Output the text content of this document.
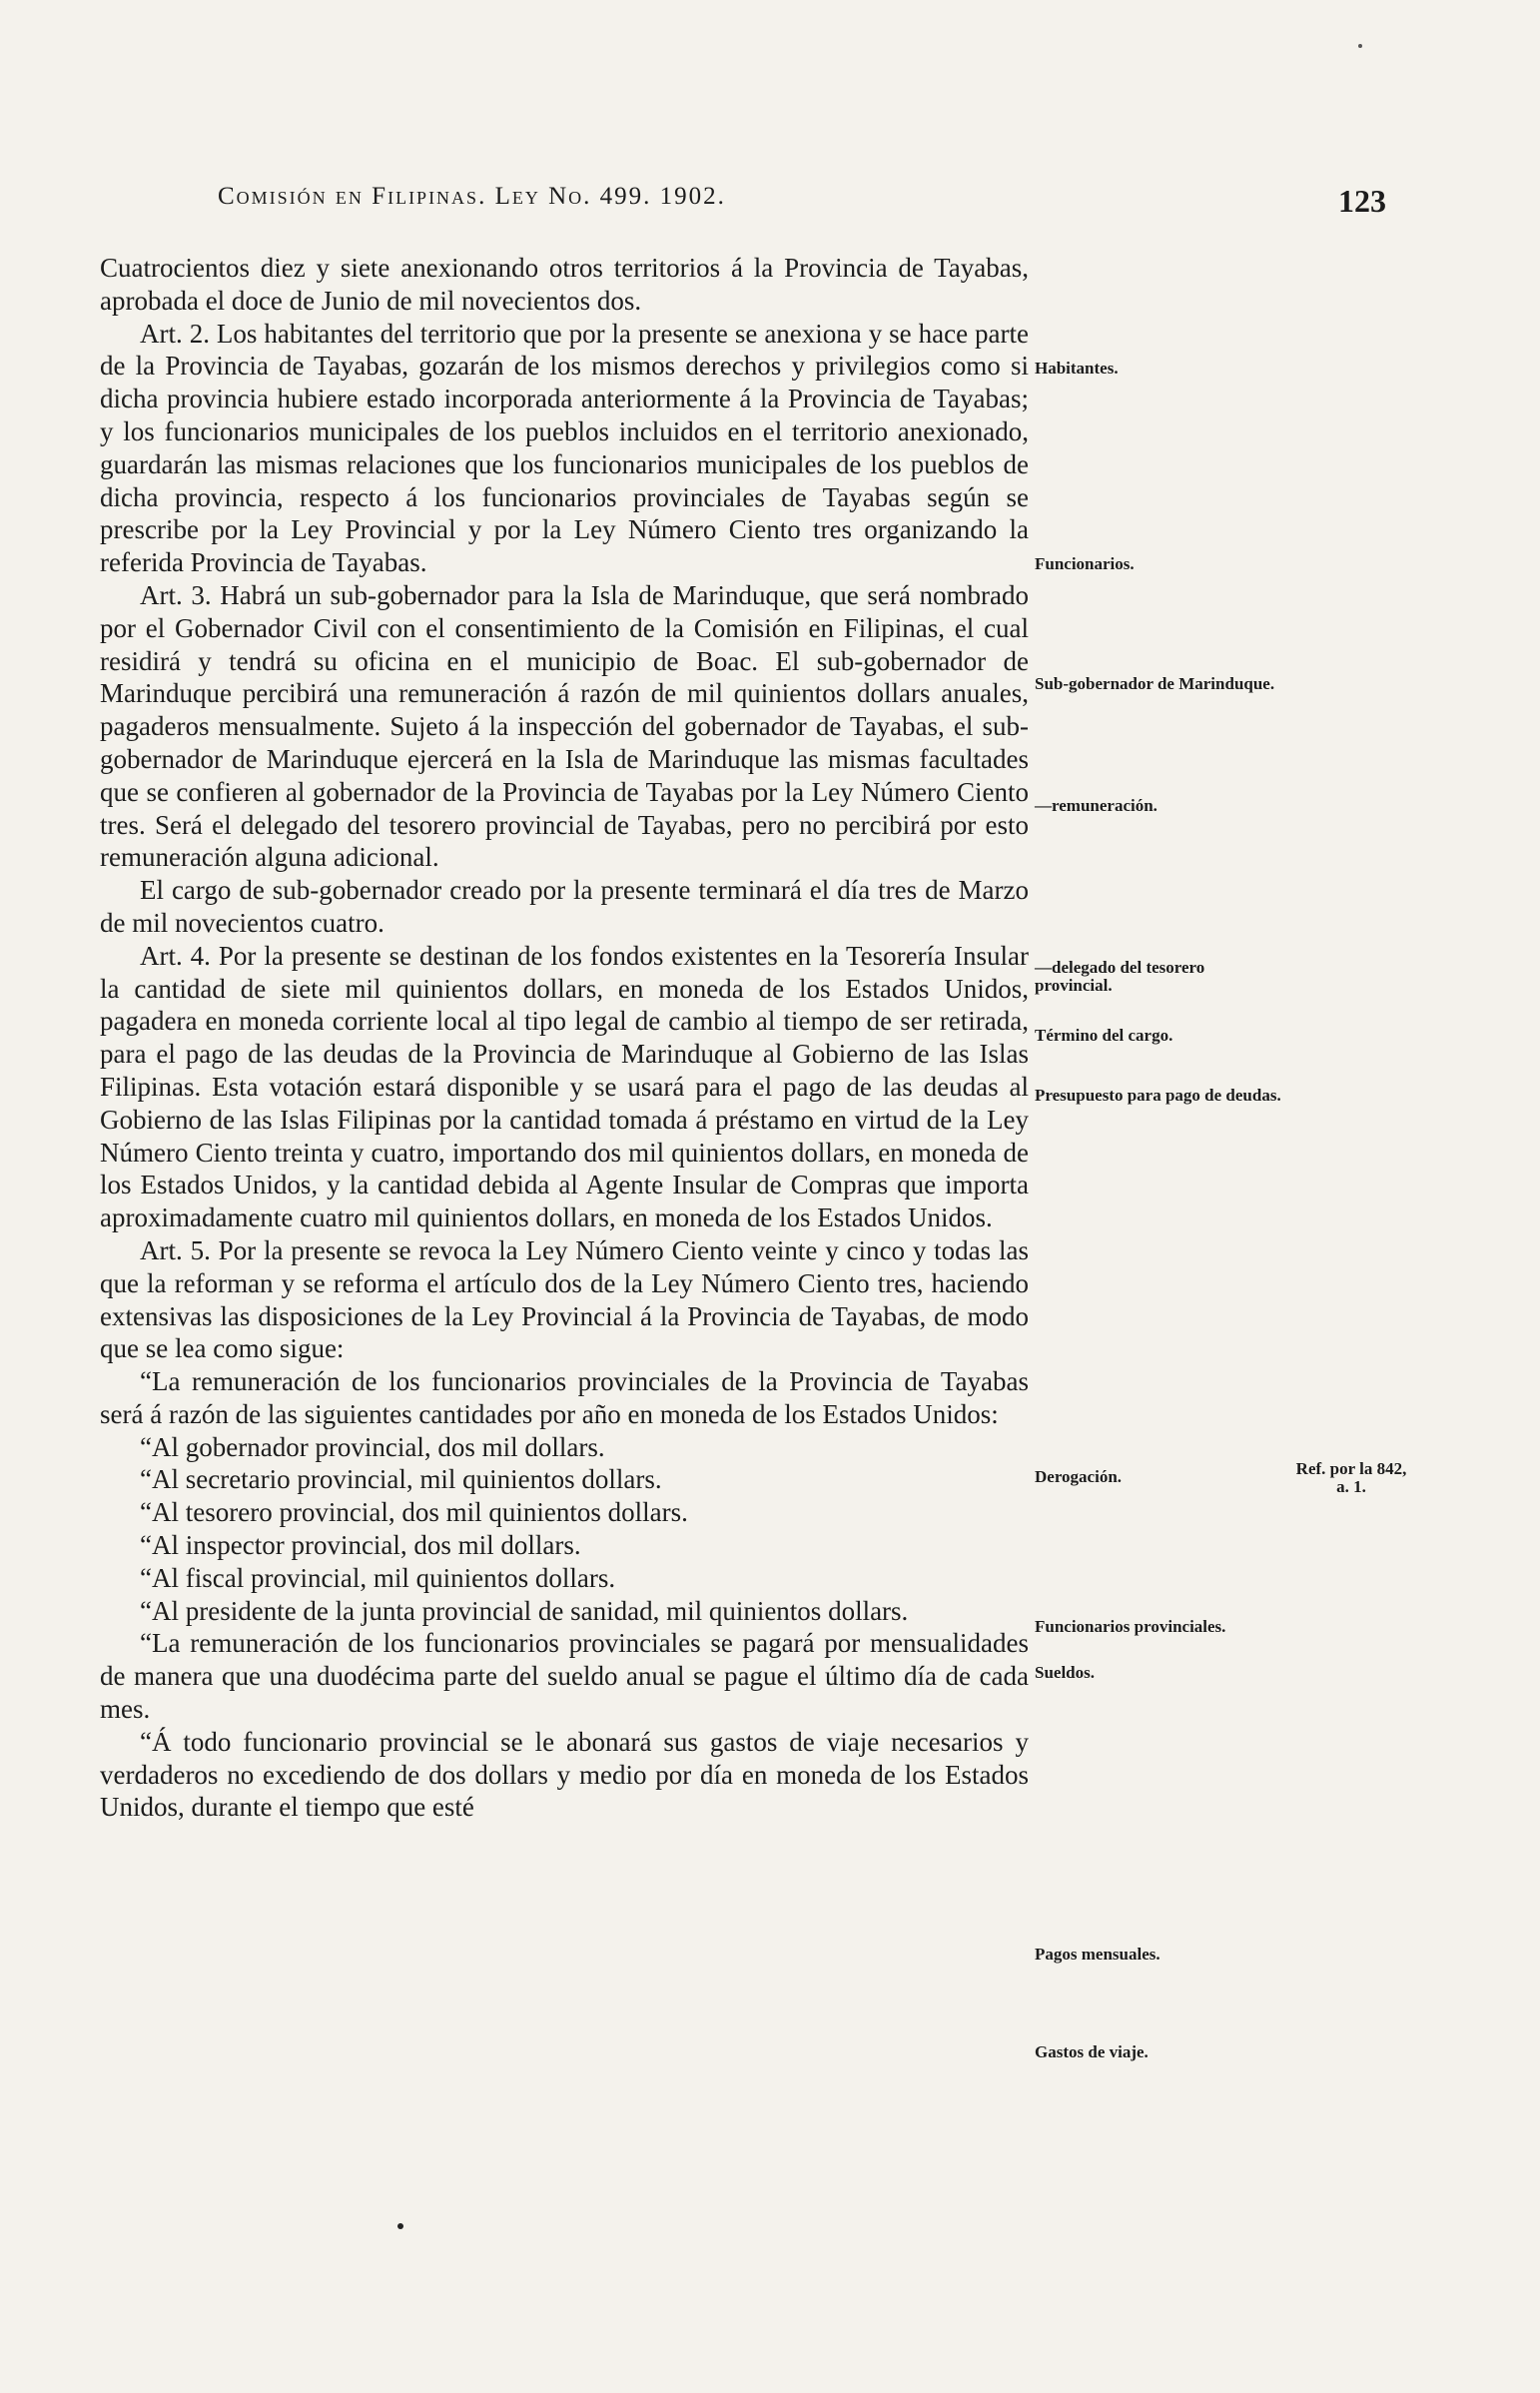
Comisión en Filipinas. Ley No. 499. 1902.	123

Cuatrocientos diez y siete anexionando otros territorios á la Provincia de Tayabas, aprobada el doce de Junio de mil novecientos dos.

Art. 2. Los habitantes del territorio que por la presente se anexiona y se hace parte de la Provincia de Tayabas, gozarán de los mismos derechos y privilegios como si dicha provincia hubiere estado incorporada anteriormente á la Provincia de Tayabas; y los funcionarios municipales de los pueblos incluidos en el territorio anexionado, guardarán las mismas relaciones que los funcionarios municipales de los pueblos de dicha provincia, respecto á los funcionarios provinciales de Tayabas según se prescribe por la Ley Provincial y por la Ley Número Ciento tres organizando la referida Provincia de Tayabas.

Art. 3. Habrá un sub-gobernador para la Isla de Marinduque, que será nombrado por el Gobernador Civil con el consentimiento de la Comisión en Filipinas, el cual residirá y tendrá su oficina en el municipio de Boac. El sub-gobernador de Marinduque percibirá una remuneración á razón de mil quinientos dollars anuales, pagaderos mensualmente. Sujeto á la inspección del gobernador de Tayabas, el sub-gobernador de Marinduque ejercerá en la Isla de Marinduque las mismas facultades que se confieren al gobernador de la Provincia de Tayabas por la Ley Número Ciento tres. Será el delegado del tesorero provincial de Tayabas, pero no percibirá por esto remuneración alguna adicional.

El cargo de sub-gobernador creado por la presente terminará el día tres de Marzo de mil novecientos cuatro.

Art. 4. Por la presente se destinan de los fondos existentes en la Tesorería Insular la cantidad de siete mil quinientos dollars, en moneda de los Estados Unidos, pagadera en moneda corriente local al tipo legal de cambio al tiempo de ser retirada, para el pago de las deudas de la Provincia de Marinduque al Gobierno de las Islas Filipinas. Esta votación estará disponible y se usará para el pago de las deudas al Gobierno de las Islas Filipinas por la cantidad tomada á préstamo en virtud de la Ley Número Ciento treinta y cuatro, importando dos mil quinientos dollars, en moneda de los Estados Unidos, y la cantidad debida al Agente Insular de Compras que importa aproximadamente cuatro mil quinientos dollars, en moneda de los Estados Unidos.

Art. 5. Por la presente se revoca la Ley Número Ciento veinte y cinco y todas las que la reforman y se reforma el artículo dos de la Ley Número Ciento tres, haciendo extensivas las disposiciones de la Ley Provincial á la Provincia de Tayabas, de modo que se lea como sigue:

“La remuneración de los funcionarios provinciales de la Provincia de Tayabas será á razón de las siguientes cantidades por año en moneda de los Estados Unidos:

“Al gobernador provincial, dos mil dollars.

“Al secretario provincial, mil quinientos dollars.

“Al tesorero provincial, dos mil quinientos dollars.

“Al inspector provincial, dos mil dollars.

“Al fiscal provincial, mil quinientos dollars.

“Al presidente de la junta provincial de sanidad, mil quinientos dollars.

“La remuneración de los funcionarios provinciales se pagará por mensualidades de manera que una duodécima parte del sueldo anual se pague el último día de cada mes.

“Á todo funcionario provincial se le abonará sus gastos de viaje necesarios y verdaderos no excediendo de dos dollars y medio por día en moneda de los Estados Unidos, durante el tiempo que esté

Habitantes.
Funcionarios.
Sub-gobernador de Marinduque.
—remuneración.
—delegado del tesorero provincial.
Término del cargo.
Presupuesto para pago de deudas.
Derogación.	Ref. por la 842, a. 1.
Funcionarios provinciales.
Sueldos.
Pagos mensuales.
Gastos de viaje.
